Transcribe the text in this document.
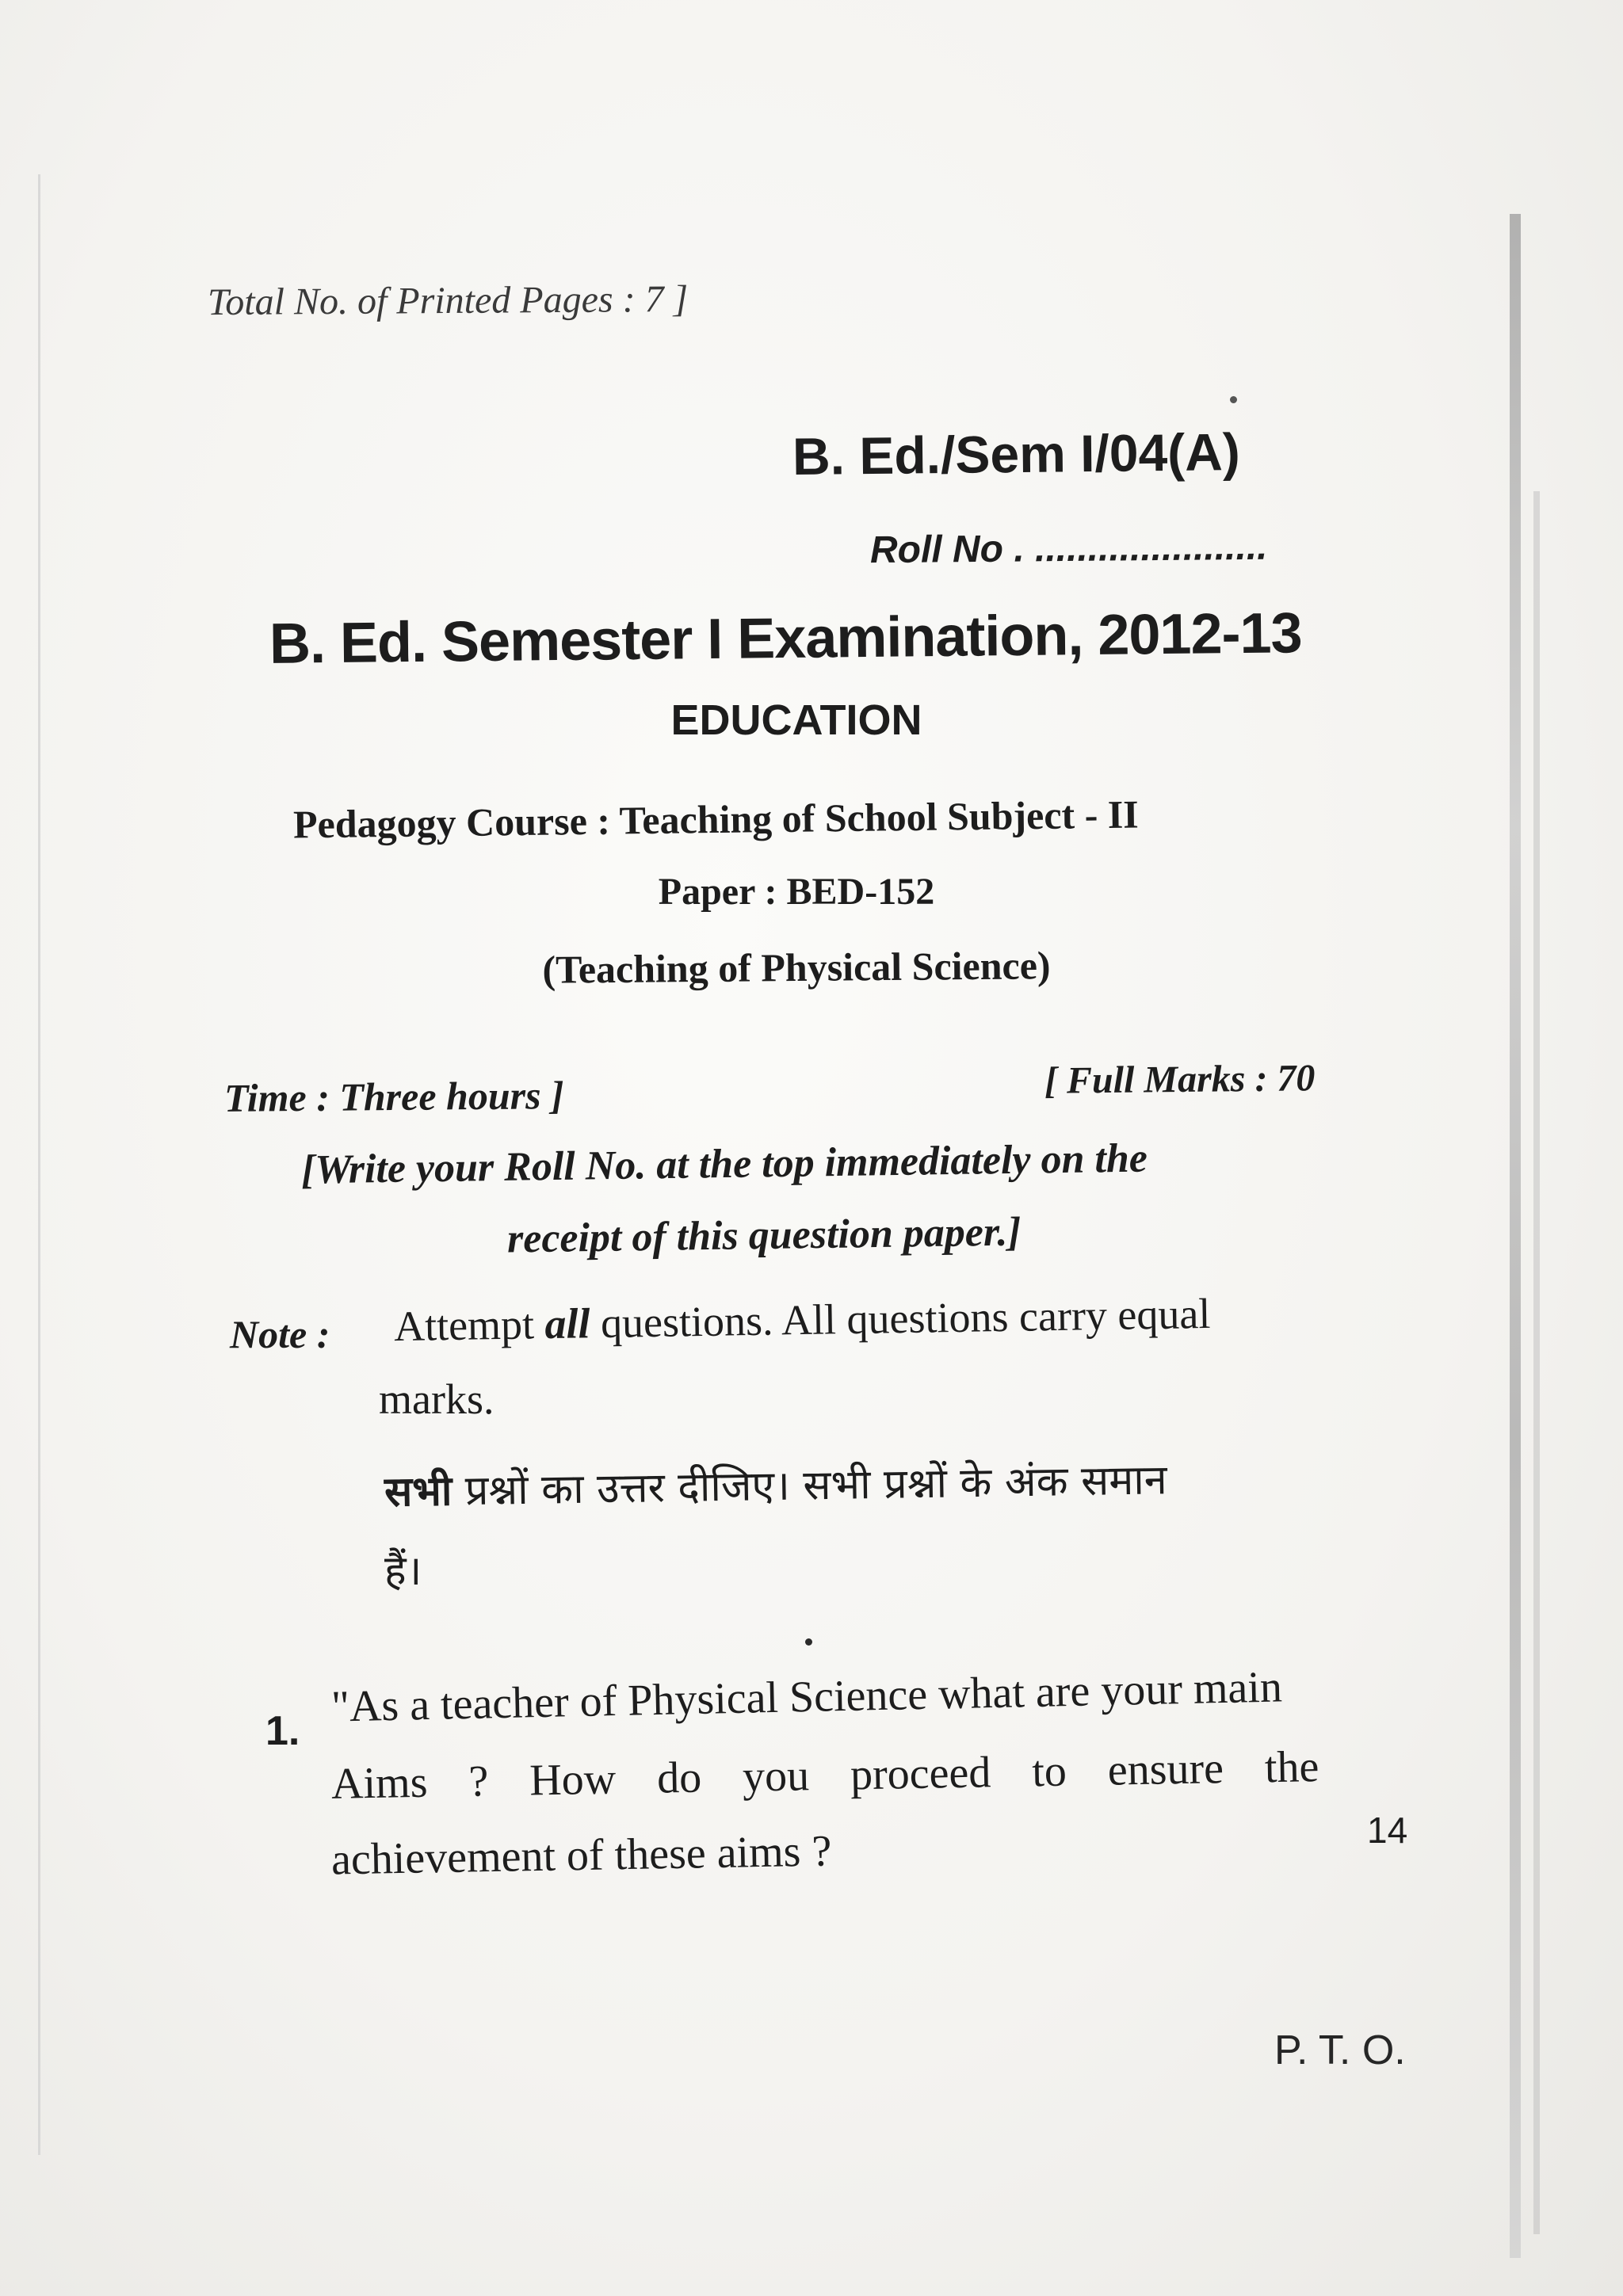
Total No. of Printed Pages : 7 ]
B. Ed./Sem I/04(A)
Roll No . ......................
B. Ed. Semester I Examination, 2012-13
EDUCATION
Pedagogy Course : Teaching of School Subject - II
Paper : BED-152
(Teaching of Physical Science)
Time : Three hours ]	[ Full Marks : 70
[Write your Roll No. at the top immediately on the
receipt of this question paper.]
Note : Attempt all questions. All questions carry equal
marks.
सभी प्रश्नों का उत्तर दीजिए। सभी प्रश्नों के अंक समान
हैं।
1. "As a teacher of Physical Science what are your main
Aims ? How do you proceed to ensure the
achievement of these aims ?	14
P. T. O.
